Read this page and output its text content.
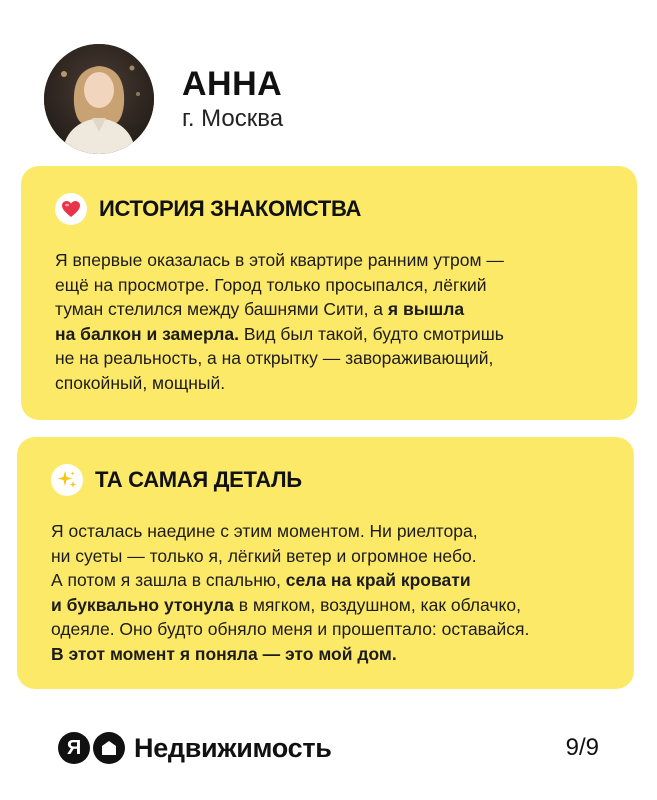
АННА
г. Москва
ИСТОРИЯ ЗНАКОМСТВА
Я впервые оказалась в этой квартире ранним утром —
ещё на просмотре. Город только просыпался, лёгкий
туман стелился между башнями Сити, а я вышла
на балкон и замерла. Вид был такой, будто смотришь
не на реальность, а на открытку — завораживающий,
спокойный, мощный.
ТА САМАЯ ДЕТАЛЬ
Я осталась наедине с этим моментом. Ни риелтора,
ни суеты — только я, лёгкий ветер и огромное небо.
А потом я зашла в спальню, села на край кровати
и буквально утонула в мягком, воздушном, как облачко,
одеяле. Оно будто обняло меня и прошептало: оставайся.
В этот момент я поняла — это мой дом.
Я Недвижимость	9/9
